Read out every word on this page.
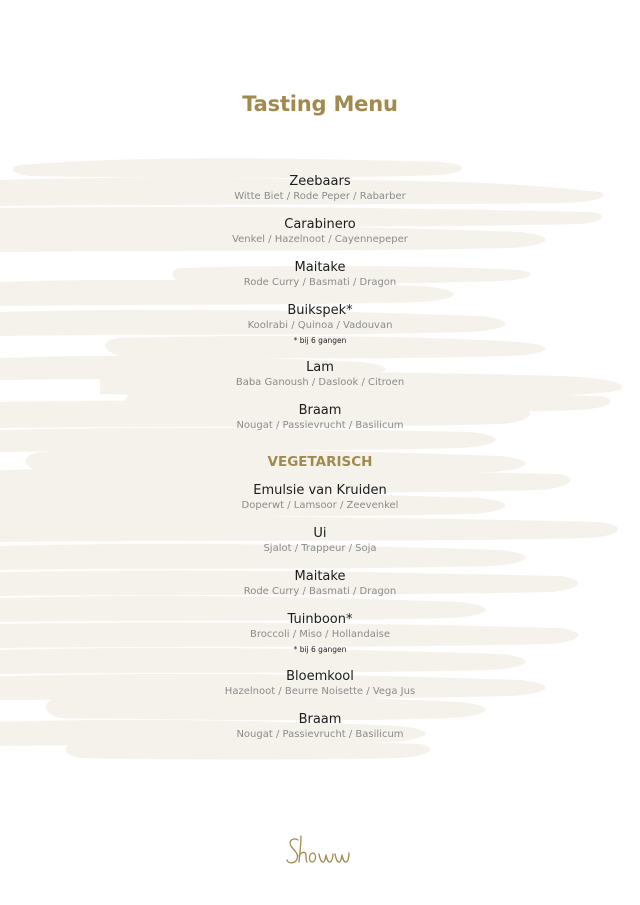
Tasting Menu
Zeebaars
Witte Biet / Rode Peper / Rabarber
Carabinero
Venkel / Hazelnoot / Cayennepeper
Maitake
Rode Curry / Basmati / Dragon
Buikspek*
Koolrabi / Quinoa / Vadouvan
* bij 6 gangen
Lam
Baba Ganoush / Daslook / Citroen
Braam
Nougat / Passievrucht / Basilicum
VEGETARISCH
Emulsie van Kruiden
Doperwt / Lamsoor / Zeevenkel
Ui
Sjalot / Trappeur / Soja
Maitake
Rode Curry / Basmati / Dragon
Tuinboon*
Broccoli / Miso / Hollandaise
* bij 6 gangen
Bloemkool
Hazelnoot / Beurre Noisette / Vega Jus
Braam
Nougat / Passievrucht / Basilicum
